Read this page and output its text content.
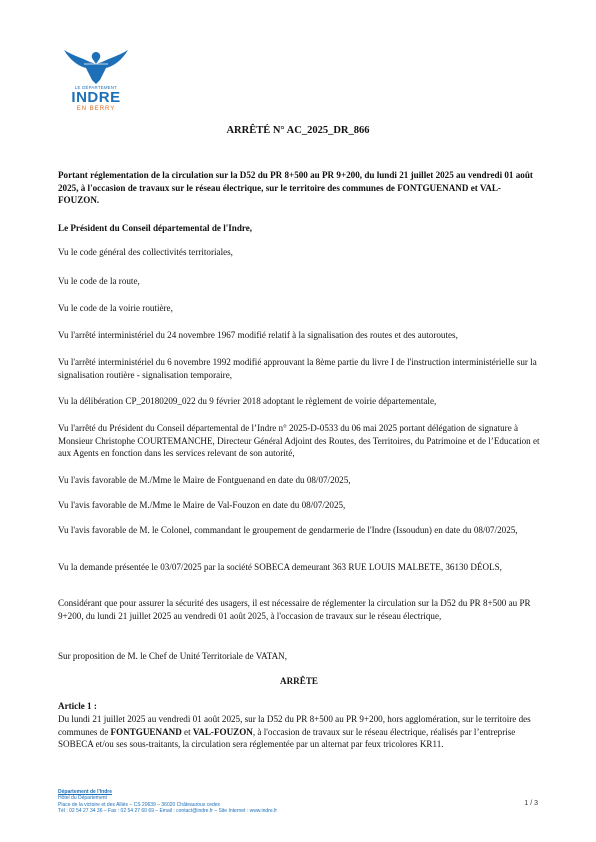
LE DÉPARTEMENT
INDRE
EN BERRY
ARRÊTÉ N° AC_2025_DR_866

Portant réglementation de la circulation sur la D52 du PR 8+500 au PR 9+200, du lundi 21 juillet 2025 au vendredi 01 août 2025, à l'occasion de travaux sur le réseau électrique, sur le territoire des communes de FONTGUENAND et VAL-FOUZON.

Le Président du Conseil départemental de l'Indre,

Vu le code général des collectivités territoriales,

Vu le code de la route,

Vu le code de la voirie routière,

Vu l'arrêté interministériel du 24 novembre 1967 modifié relatif à la signalisation des routes et des autoroutes,

Vu l'arrêté interministériel du 6 novembre 1992 modifié approuvant la 8ème partie du livre I de l'instruction interministérielle sur la signalisation routière - signalisation temporaire,

Vu la délibération CP_20180209_022 du 9 février 2018 adoptant le règlement de voirie départementale,

Vu l'arrêté du Président du Conseil départemental de l’Indre n° 2025-D-0533 du 06 mai 2025 portant délégation de signature à Monsieur Christophe COURTEMANCHE, Directeur Général Adjoint des Routes, des Territoires, du Patrimoine et de l’Education et aux Agents en fonction dans les services relevant de son autorité,

Vu l'avis favorable de M./Mme le Maire de Fontguenand en date du 08/07/2025,

Vu l'avis favorable de M./Mme le Maire de Val-Fouzon en date du 08/07/2025,

Vu l'avis favorable de M. le Colonel, commandant le groupement de gendarmerie de l'Indre (Issoudun) en date du 08/07/2025,

Vu la demande présentée le 03/07/2025 par la société SOBECA demeurant 363 RUE LOUIS MALBETE, 36130 DÉOLS,

Considérant que pour assurer la sécurité des usagers, il est nécessaire de réglementer la circulation sur la D52 du PR 8+500 au PR 9+200, du lundi 21 juillet 2025 au vendredi 01 août 2025, à l'occasion de travaux sur le réseau électrique,

Sur proposition de M. le Chef de Unité Territoriale de VATAN,

ARRÊTE

Article 1 :

Du lundi 21 juillet 2025 au vendredi 01 août 2025, sur la D52 du PR 8+500 au PR 9+200, hors agglomération, sur le territoire des communes de FONTGUENAND et VAL-FOUZON, à l'occasion de travaux sur le réseau électrique, réalisés par l’entreprise SOBECA et/ou ses sous-traitants, la circulation sera réglementée par un alternat par feux tricolores KR11.

Département de l'Indre
Hôtel du Département
Place de la victoire et des Alliés – CS 20639 – 36020 Châteauroux cedex
Tél : 02 54 27 34 36 – Fax : 02 54 27 60 69 – Email : contact@indre.fr – Site Internet : www.indre.fr
1 / 3
